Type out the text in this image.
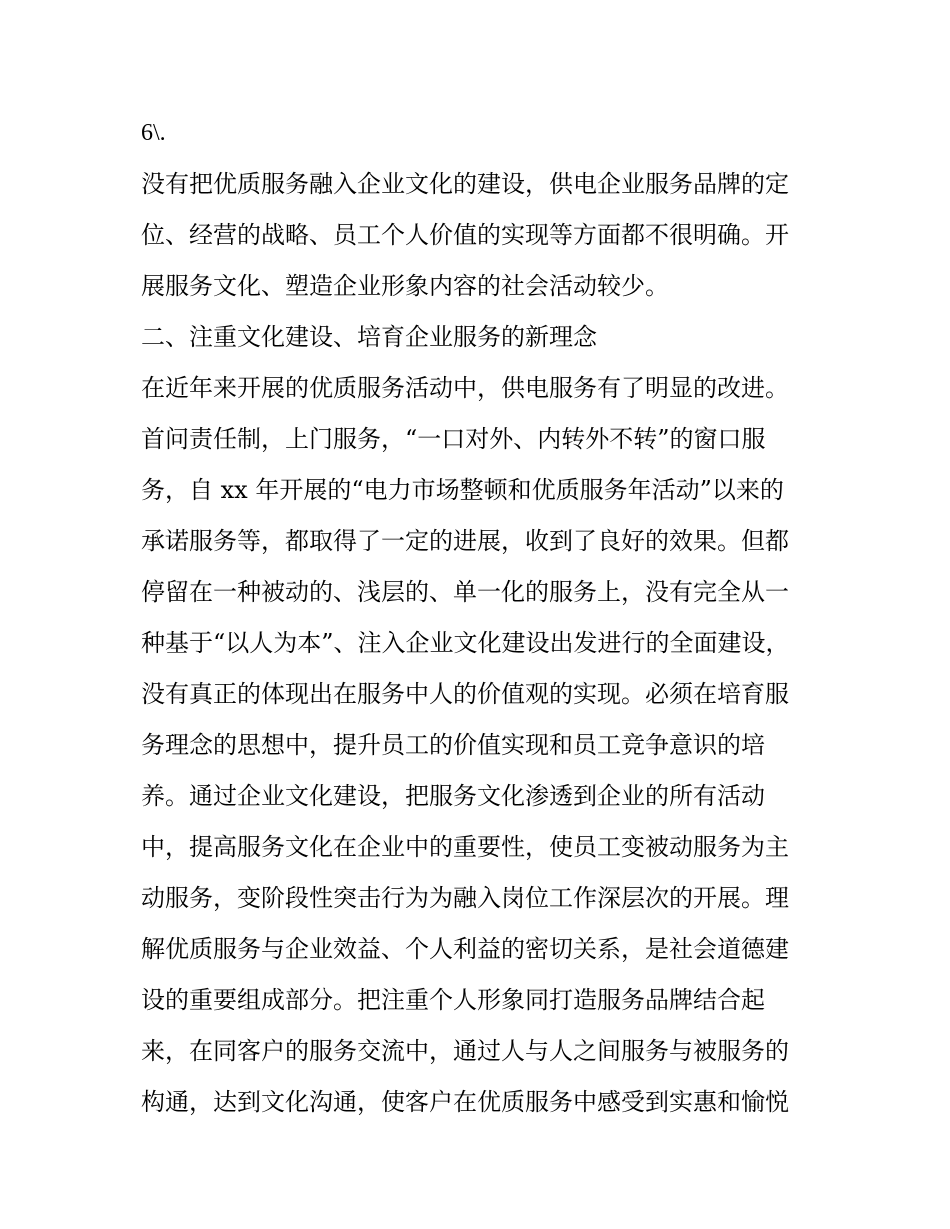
6\.
没有把优质服务融入企业文化的建设，供电企业服务品牌的定
位、经营的战略、员工个人价值的实现等方面都不很明确。开
展服务文化、塑造企业形象内容的社会活动较少。
二、注重文化建设、培育企业服务的新理念
在近年来开展的优质服务活动中，供电服务有了明显的改进。
首问责任制，上门服务，“一口对外、内转外不转”的窗口服
务，自 xx 年开展的“电力市场整顿和优质服务年活动”以来的
承诺服务等，都取得了一定的进展，收到了良好的效果。但都
停留在一种被动的、浅层的、单一化的服务上，没有完全从一
种基于“以人为本”、注入企业文化建设出发进行的全面建设，
没有真正的体现出在服务中人的价值观的实现。必须在培育服
务理念的思想中，提升员工的价值实现和员工竞争意识的培
养。通过企业文化建设，把服务文化渗透到企业的所有活动
中，提高服务文化在企业中的重要性，使员工变被动服务为主
动服务，变阶段性突击行为为融入岗位工作深层次的开展。理
解优质服务与企业效益、个人利益的密切关系，是社会道德建
设的重要组成部分。把注重个人形象同打造服务品牌结合起
来，在同客户的服务交流中，通过人与人之间服务与被服务的
构通，达到文化沟通，使客户在优质服务中感受到实惠和愉悦
